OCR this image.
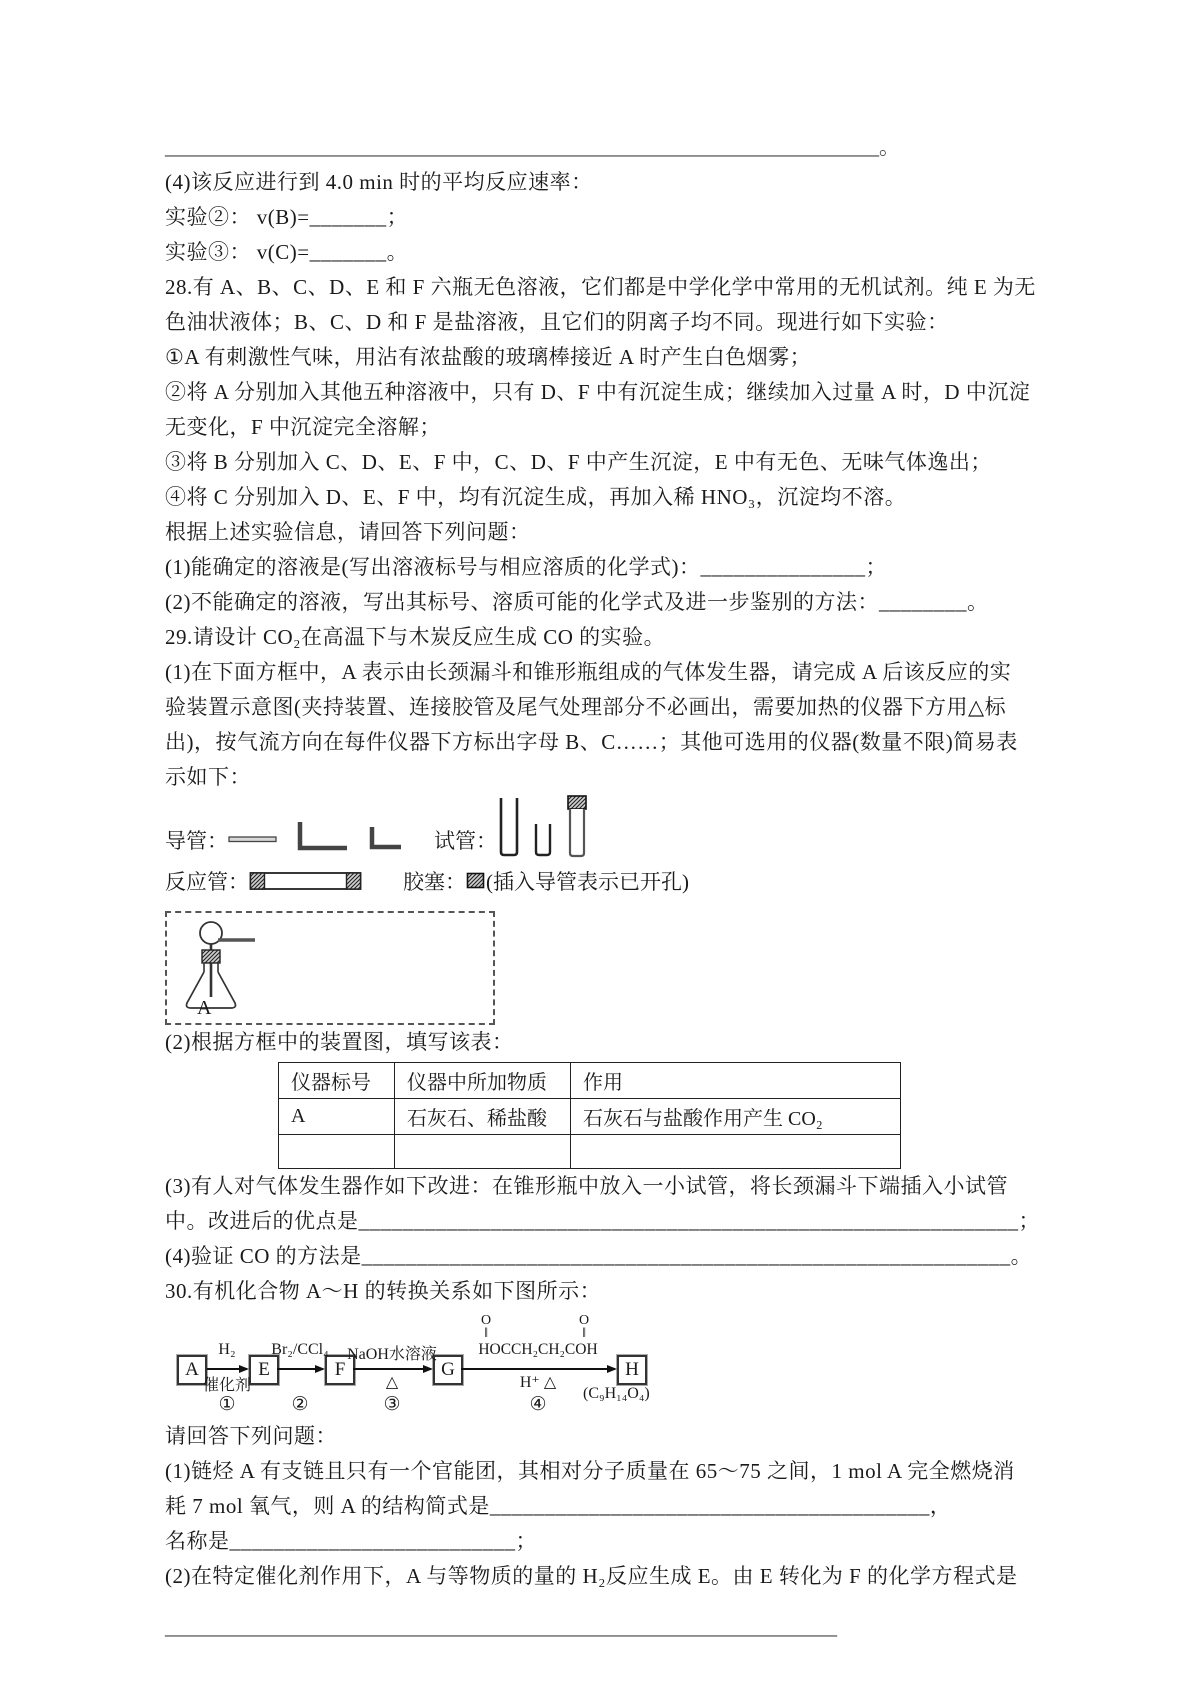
____________________________________________________________________。
(4)该反应进行到 4.0 min 时的平均反应速率：
实验②： v(B)=_______；
实验③： v(C)=_______。
28.有 A、B、C、D、E 和 F 六瓶无色溶液，它们都是中学化学中常用的无机试剂。纯 E 为无
色油状液体；B、C、D 和 F 是盐溶液，且它们的阴离子均不同。现进行如下实验：
①A 有刺激性气味，用沾有浓盐酸的玻璃棒接近 A 时产生白色烟雾；
②将 A 分别加入其他五种溶液中，只有 D、F 中有沉淀生成；继续加入过量 A 时，D 中沉淀
无变化，F 中沉淀完全溶解；
③将 B 分别加入 C、D、E、F 中，C、D、F 中产生沉淀，E 中有无色、无味气体逸出；
④将 C 分别加入 D、E、F 中，均有沉淀生成，再加入稀 HNO₃，沉淀均不溶。
根据上述实验信息，请回答下列问题：
(1)能确定的溶液是(写出溶液标号与相应溶质的化学式)：_______________；
(2)不能确定的溶液，写出其标号、溶质可能的化学式及进一步鉴别的方法：________。
29.请设计 CO₂在高温下与木炭反应生成 CO 的实验。
(1)在下面方框中，A 表示由长颈漏斗和锥形瓶组成的气体发生器，请完成 A 后该反应的实
验装置示意图(夹持装置、连接胶管及尾气处理部分不必画出，需要加热的仪器下方用△标
出)，按气流方向在每件仪器下方标出字母 B、C……；其他可选用的仪器(数量不限)简易表
示如下：
导管：	试管：
反应管：	胶塞： (插入导管表示已开孔)
A
(2)根据方框中的装置图，填写该表：
仪器标号	仪器中所加物质	作用
A	石灰石、稀盐酸	石灰石与盐酸作用产生 CO₂

(3)有人对气体发生器作如下改进：在锥形瓶中放入一小试管，将长颈漏斗下端插入小试管
中。改进后的优点是____________________________________________________________；
(4)验证 CO 的方法是___________________________________________________________。
30.有机化合物 A～H 的转换关系如下图所示：
A	E	F	G	H
H₂
催化剂
①
Br₂/CCl₄
②
NaOH水溶液
△
③
HOCCH₂CH₂COH
O
‖
O
‖
H⁺ △
④
(C₉H₁₄O₄)
请回答下列问题：
(1)链烃 A 有支链且只有一个官能团，其相对分子质量在 65～75 之间，1 mol A 完全燃烧消
耗 7 mol 氧气，则 A 的结构简式是________________________________________，
名称是__________________________；
(2)在特定催化剂作用下，A 与等物质的量的 H₂反应生成 E。由 E 转化为 F 的化学方程式是
________________________________________________________________
